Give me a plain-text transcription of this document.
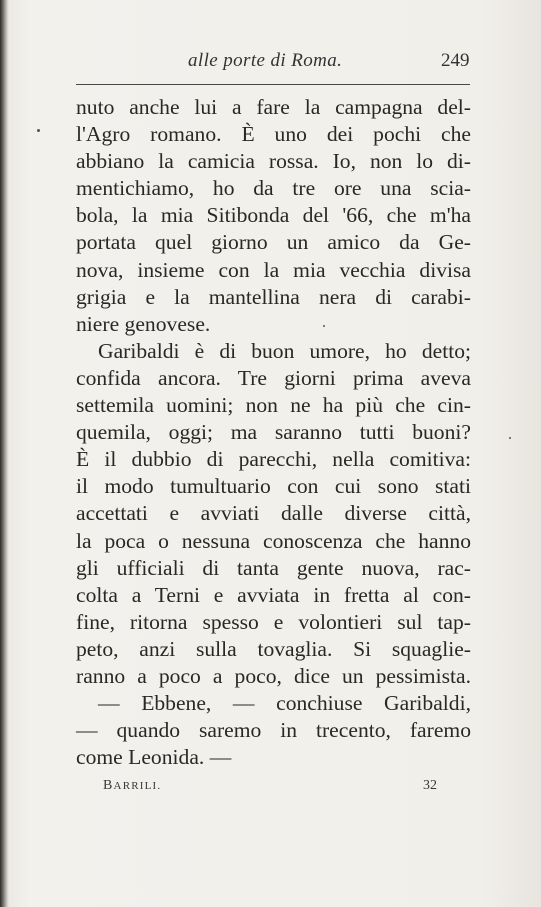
alle porte di Roma.	249
nuto anche lui a fare la campagna del-
l'Agro romano. È uno dei pochi che
abbiano la camicia rossa. Io, non lo di-
mentichiamo, ho da tre ore una scia-
bola, la mia Sitibonda del '66, che m'ha
portata quel giorno un amico da Ge-
nova, insieme con la mia vecchia divisa
grigia e la mantellina nera di carabi-
niere genovese.
Garibaldi è di buon umore, ho detto;
confida ancora. Tre giorni prima aveva
settemila uomini; non ne ha più che cin-
quemila, oggi; ma saranno tutti buoni?
È il dubbio di parecchi, nella comitiva:
il modo tumultuario con cui sono stati
accettati e avviati dalle diverse città,
la poca o nessuna conoscenza che hanno
gli ufficiali di tanta gente nuova, rac-
colta a Terni e avviata in fretta al con-
fine, ritorna spesso e volontieri sul tap-
peto, anzi sulla tovaglia. Si squaglie-
ranno a poco a poco, dice un pessimista.
— Ebbene, — conchiuse Garibaldi,
— quando saremo in trecento, faremo
come Leonida. —
BARRILI.	32
